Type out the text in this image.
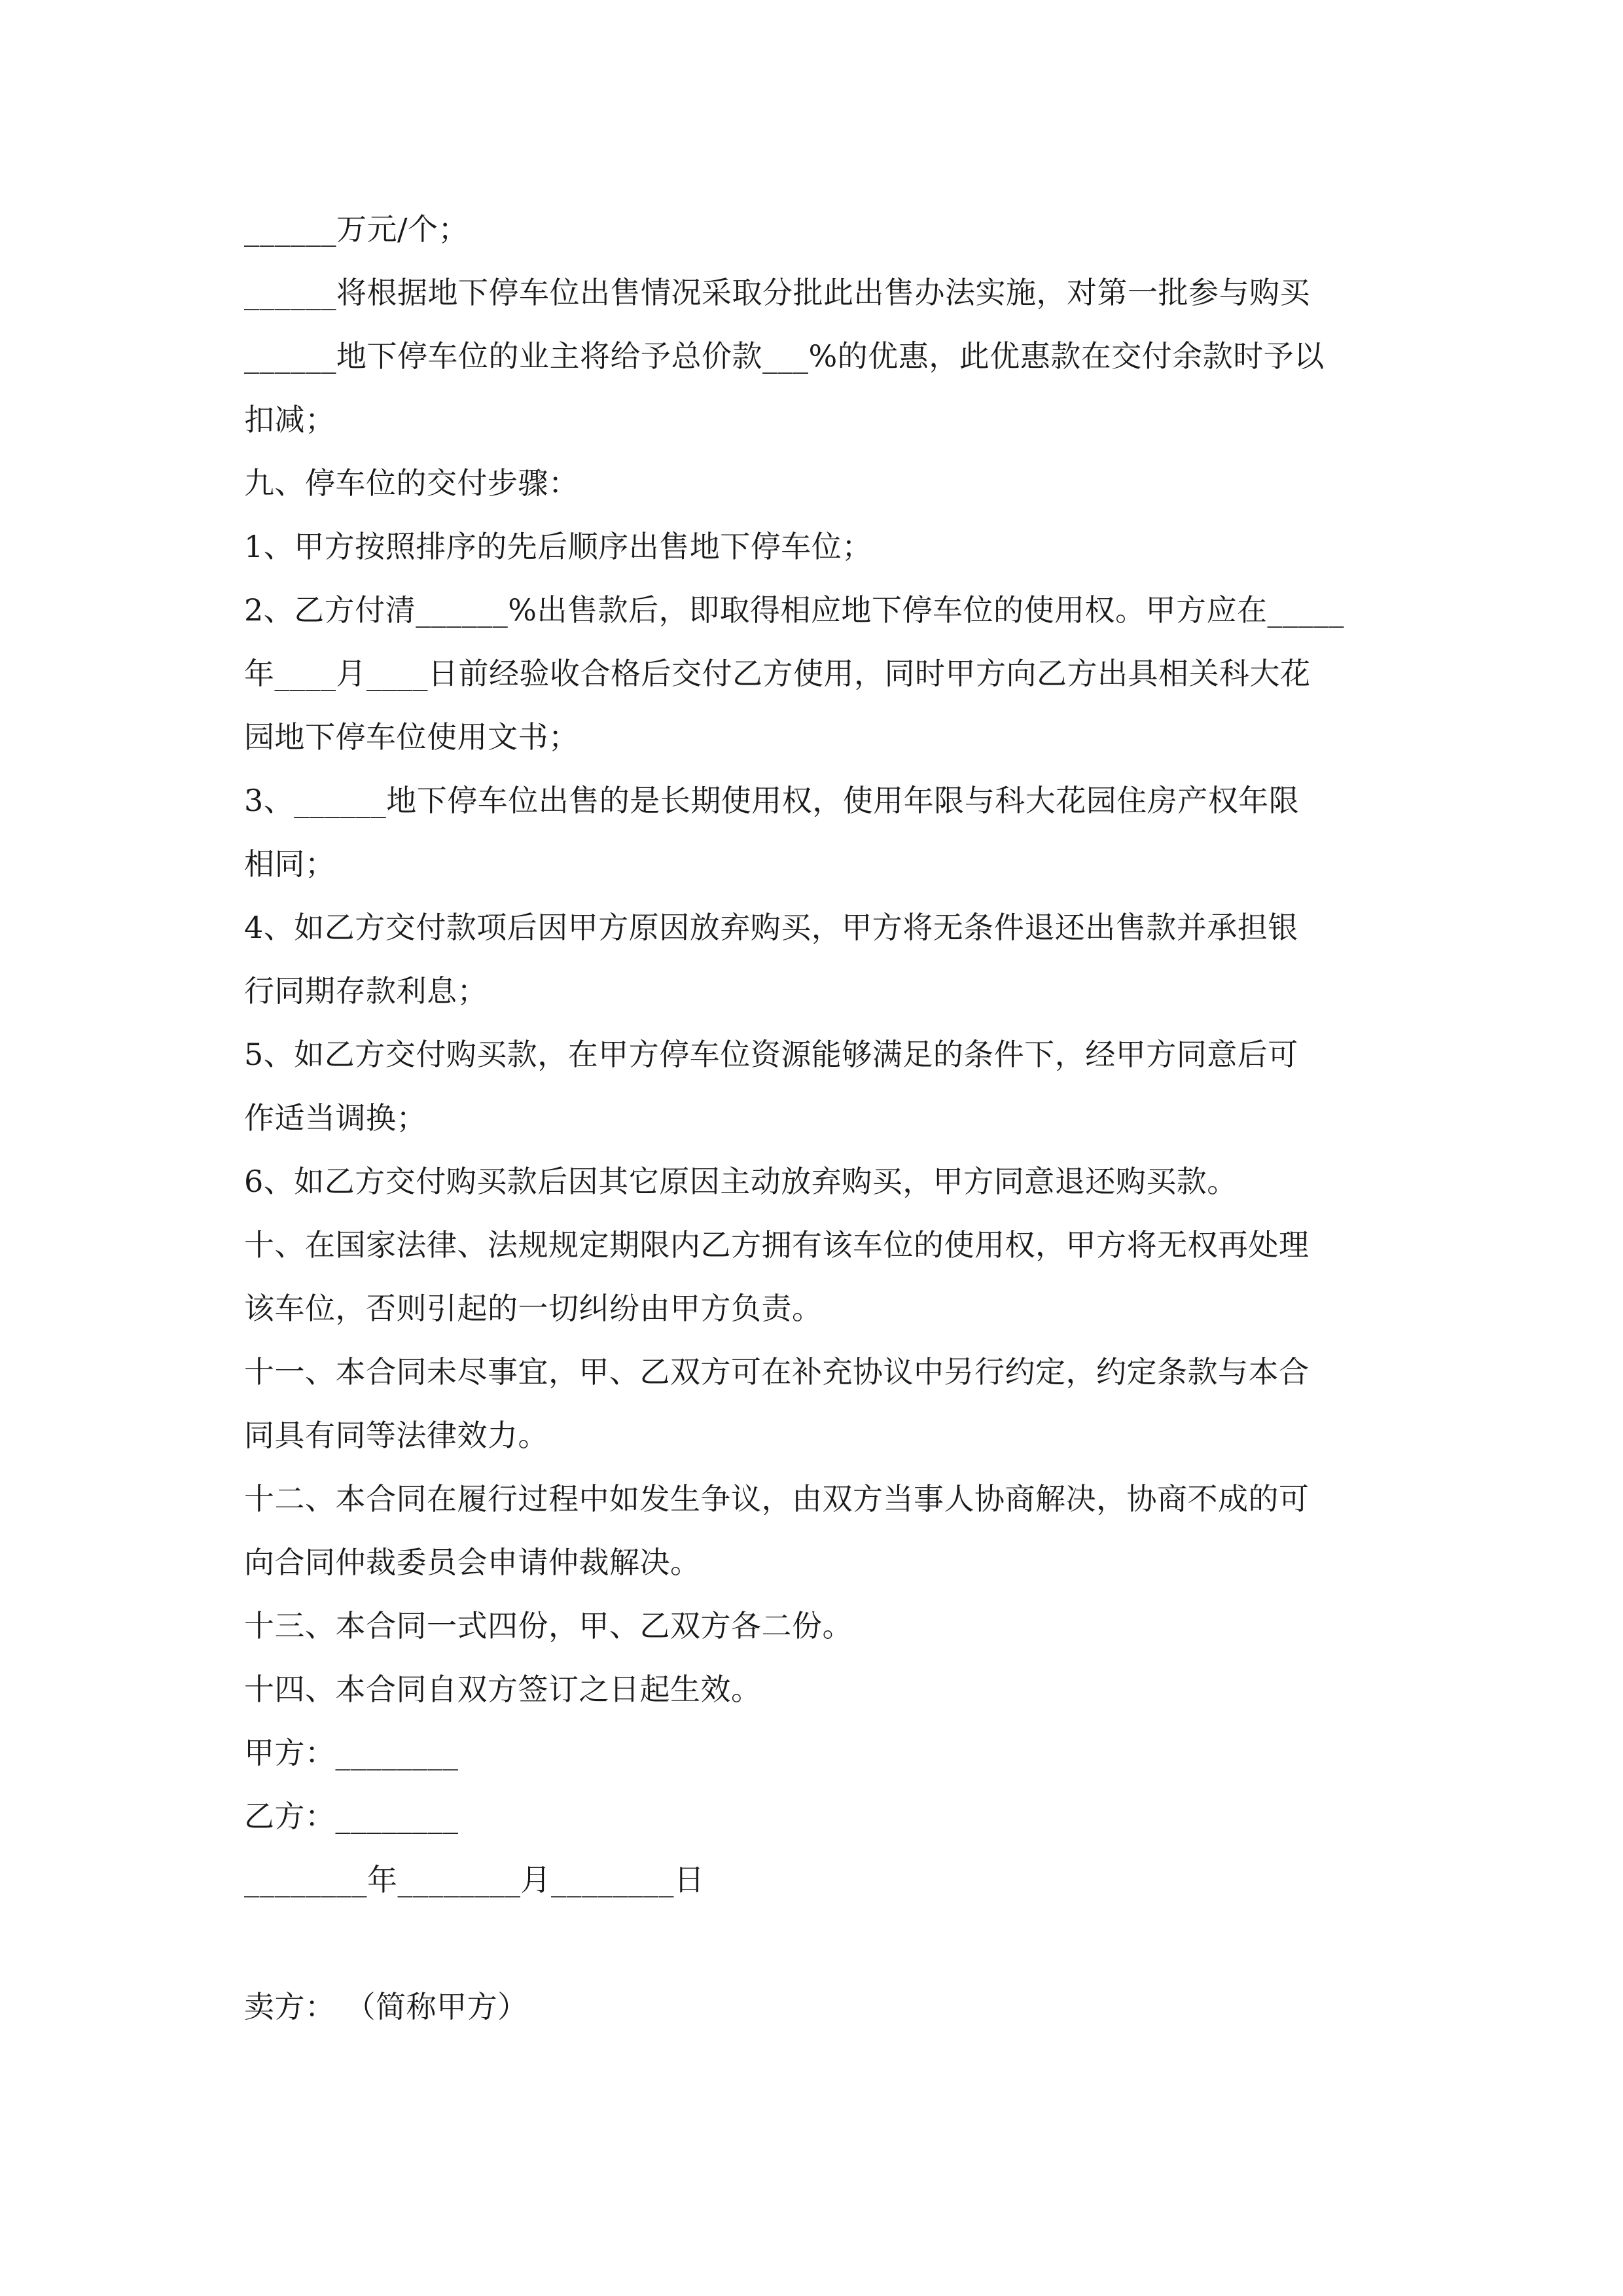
______万元/个；
______将根据地下停车位出售情况采取分批此出售办法实施，对第一批参与购买
______地下停车位的业主将给予总价款___%的优惠，此优惠款在交付余款时予以
扣减；
九、停车位的交付步骤：
1、甲方按照排序的先后顺序出售地下停车位；
2、乙方付清______%出售款后，即取得相应地下停车位的使用权。甲方应在_____
年____月____日前经验收合格后交付乙方使用，同时甲方向乙方出具相关科大花
园地下停车位使用文书；
3、______地下停车位出售的是长期使用权，使用年限与科大花园住房产权年限
相同；
4、如乙方交付款项后因甲方原因放弃购买，甲方将无条件退还出售款并承担银
行同期存款利息；
5、如乙方交付购买款，在甲方停车位资源能够满足的条件下，经甲方同意后可
作适当调换；
6、如乙方交付购买款后因其它原因主动放弃购买，甲方同意退还购买款。
十、在国家法律、法规规定期限内乙方拥有该车位的使用权，甲方将无权再处理
该车位，否则引起的一切纠纷由甲方负责。
十一、本合同未尽事宜，甲、乙双方可在补充协议中另行约定，约定条款与本合
同具有同等法律效力。
十二、本合同在履行过程中如发生争议，由双方当事人协商解决，协商不成的可
向合同仲裁委员会申请仲裁解决。
十三、本合同一式四份，甲、乙双方各二份。
十四、本合同自双方签订之日起生效。
甲方：________
乙方：________
________年________月________日
卖方： （简称甲方）
